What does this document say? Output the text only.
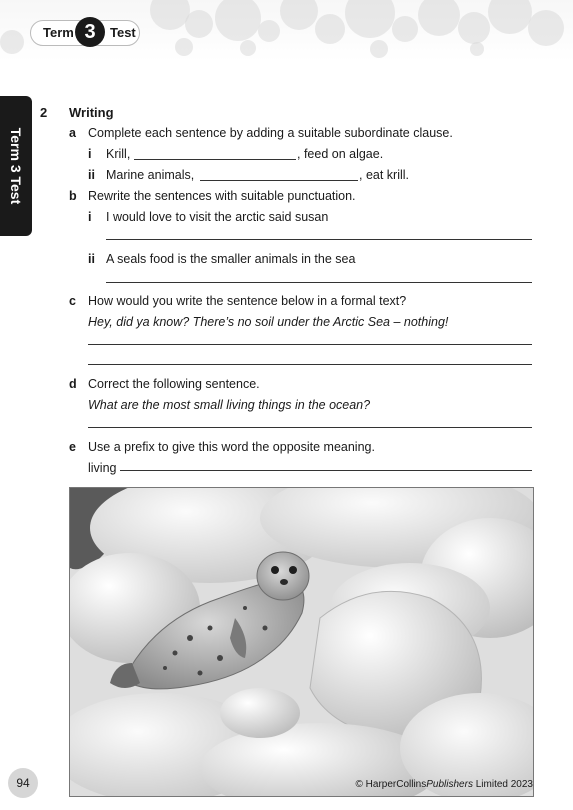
Term 3	Test
Term 3 Test
2 Writing
a Complete each sentence by adding a suitable subordinate clause.
i Krill,	, feed on algae.
ii Marine animals,	, eat krill.
b Rewrite the sentences with suitable punctuation.
i I would love to visit the arctic said susan
ii A seals food is the smaller animals in the sea
c How would you write the sentence below in a formal text?
Hey, did ya know? There’s no soil under the Arctic Sea – nothing!
d Correct the following sentence.
What are the most small living things in the ocean?
e Use a prefix to give this word the opposite meaning.
living
94	© HarperCollinsPublishers Limited 2023
